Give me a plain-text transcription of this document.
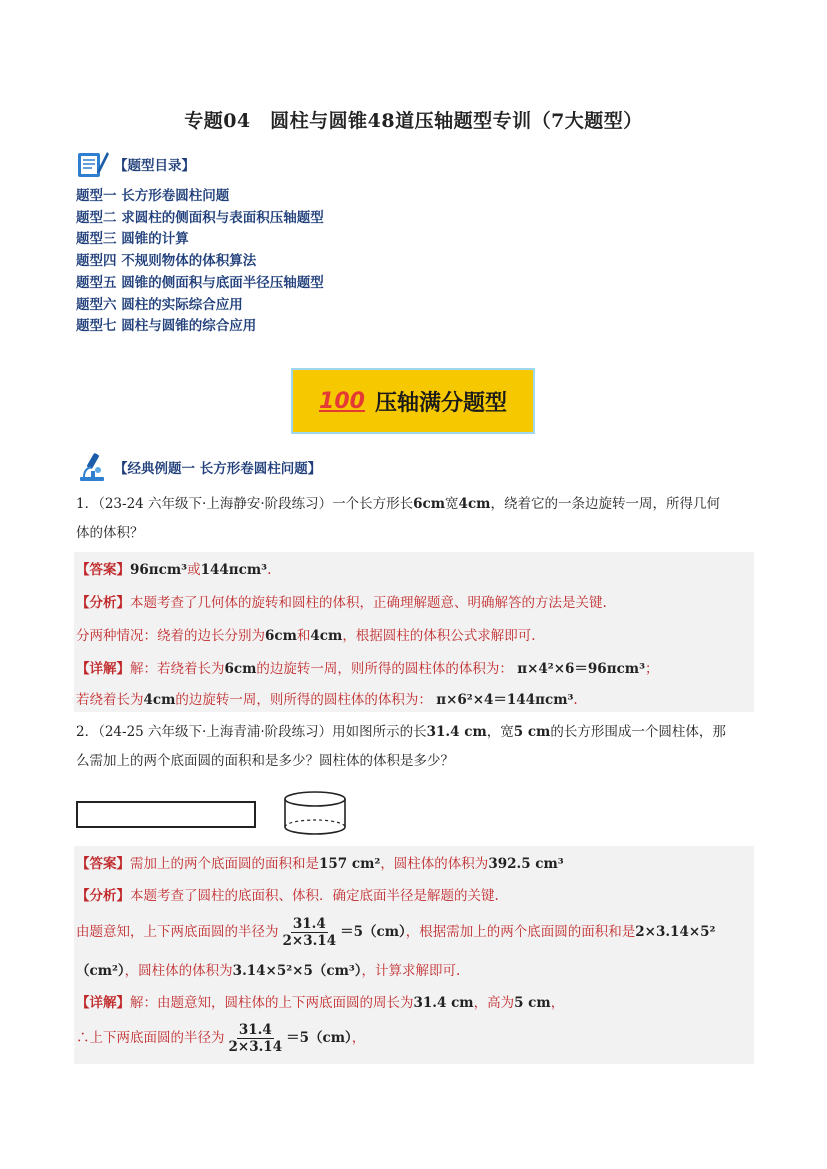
专题04　圆柱与圆锥48道压轴题型专训（7大题型）
【题型目录】
题型一 长方形卷圆柱问题
题型二 求圆柱的侧面积与表面积压轴题型
题型三 圆锥的计算
题型四 不规则物体的体积算法
题型五 圆锥的侧面积与底面半径压轴题型
题型六 圆柱的实际综合应用
题型七 圆柱与圆锥的综合应用
100 压轴满分题型
【经典例题一 长方形卷圆柱问题】
1．（23-24 六年级下·上海静安·阶段练习）一个长方形长6cm宽4cm，绕着它的一条边旋转一周，所得几何
体的体积？
【答案】96πcm³或144πcm³.
【分析】本题考查了几何体的旋转和圆柱的体积，正确理解题意、明确解答的方法是关键.
分两种情况：绕着的边长分别为6cm和4cm，根据圆柱的体积公式求解即可.
【详解】解：若绕着长为6cm的边旋转一周，则所得的圆柱体的体积为： π×4²×6＝96πcm³；
若绕着长为4cm的边旋转一周，则所得的圆柱体的体积为： π×6²×4＝144πcm³.
2．（24-25 六年级下·上海青浦·阶段练习）用如图所示的长31.4 cm，宽5 cm的长方形围成一个圆柱体，那
么需加上的两个底面圆的面积和是多少？圆柱体的体积是多少？
【答案】需加上的两个底面圆的面积和是157 cm²，圆柱体的体积为392.5 cm³
【分析】本题考查了圆柱的底面积、体积．确定底面半径是解题的关键.
由题意知，上下两底面圆的半径为 $\frac{31.4}{2\times 3.14} =5(cm)$，根据需加上的两个底面圆的面积和是2×3.14×5²
（cm²），圆柱体的体积为3.14×5²×5（cm³），计算求解即可.
【详解】解：由题意知，圆柱体的上下两底面圆的周长为31.4 cm，高为5 cm，
∴上下两底面圆的半径为 $\frac{31.4}{2\times 3.14} =5(cm)$，
